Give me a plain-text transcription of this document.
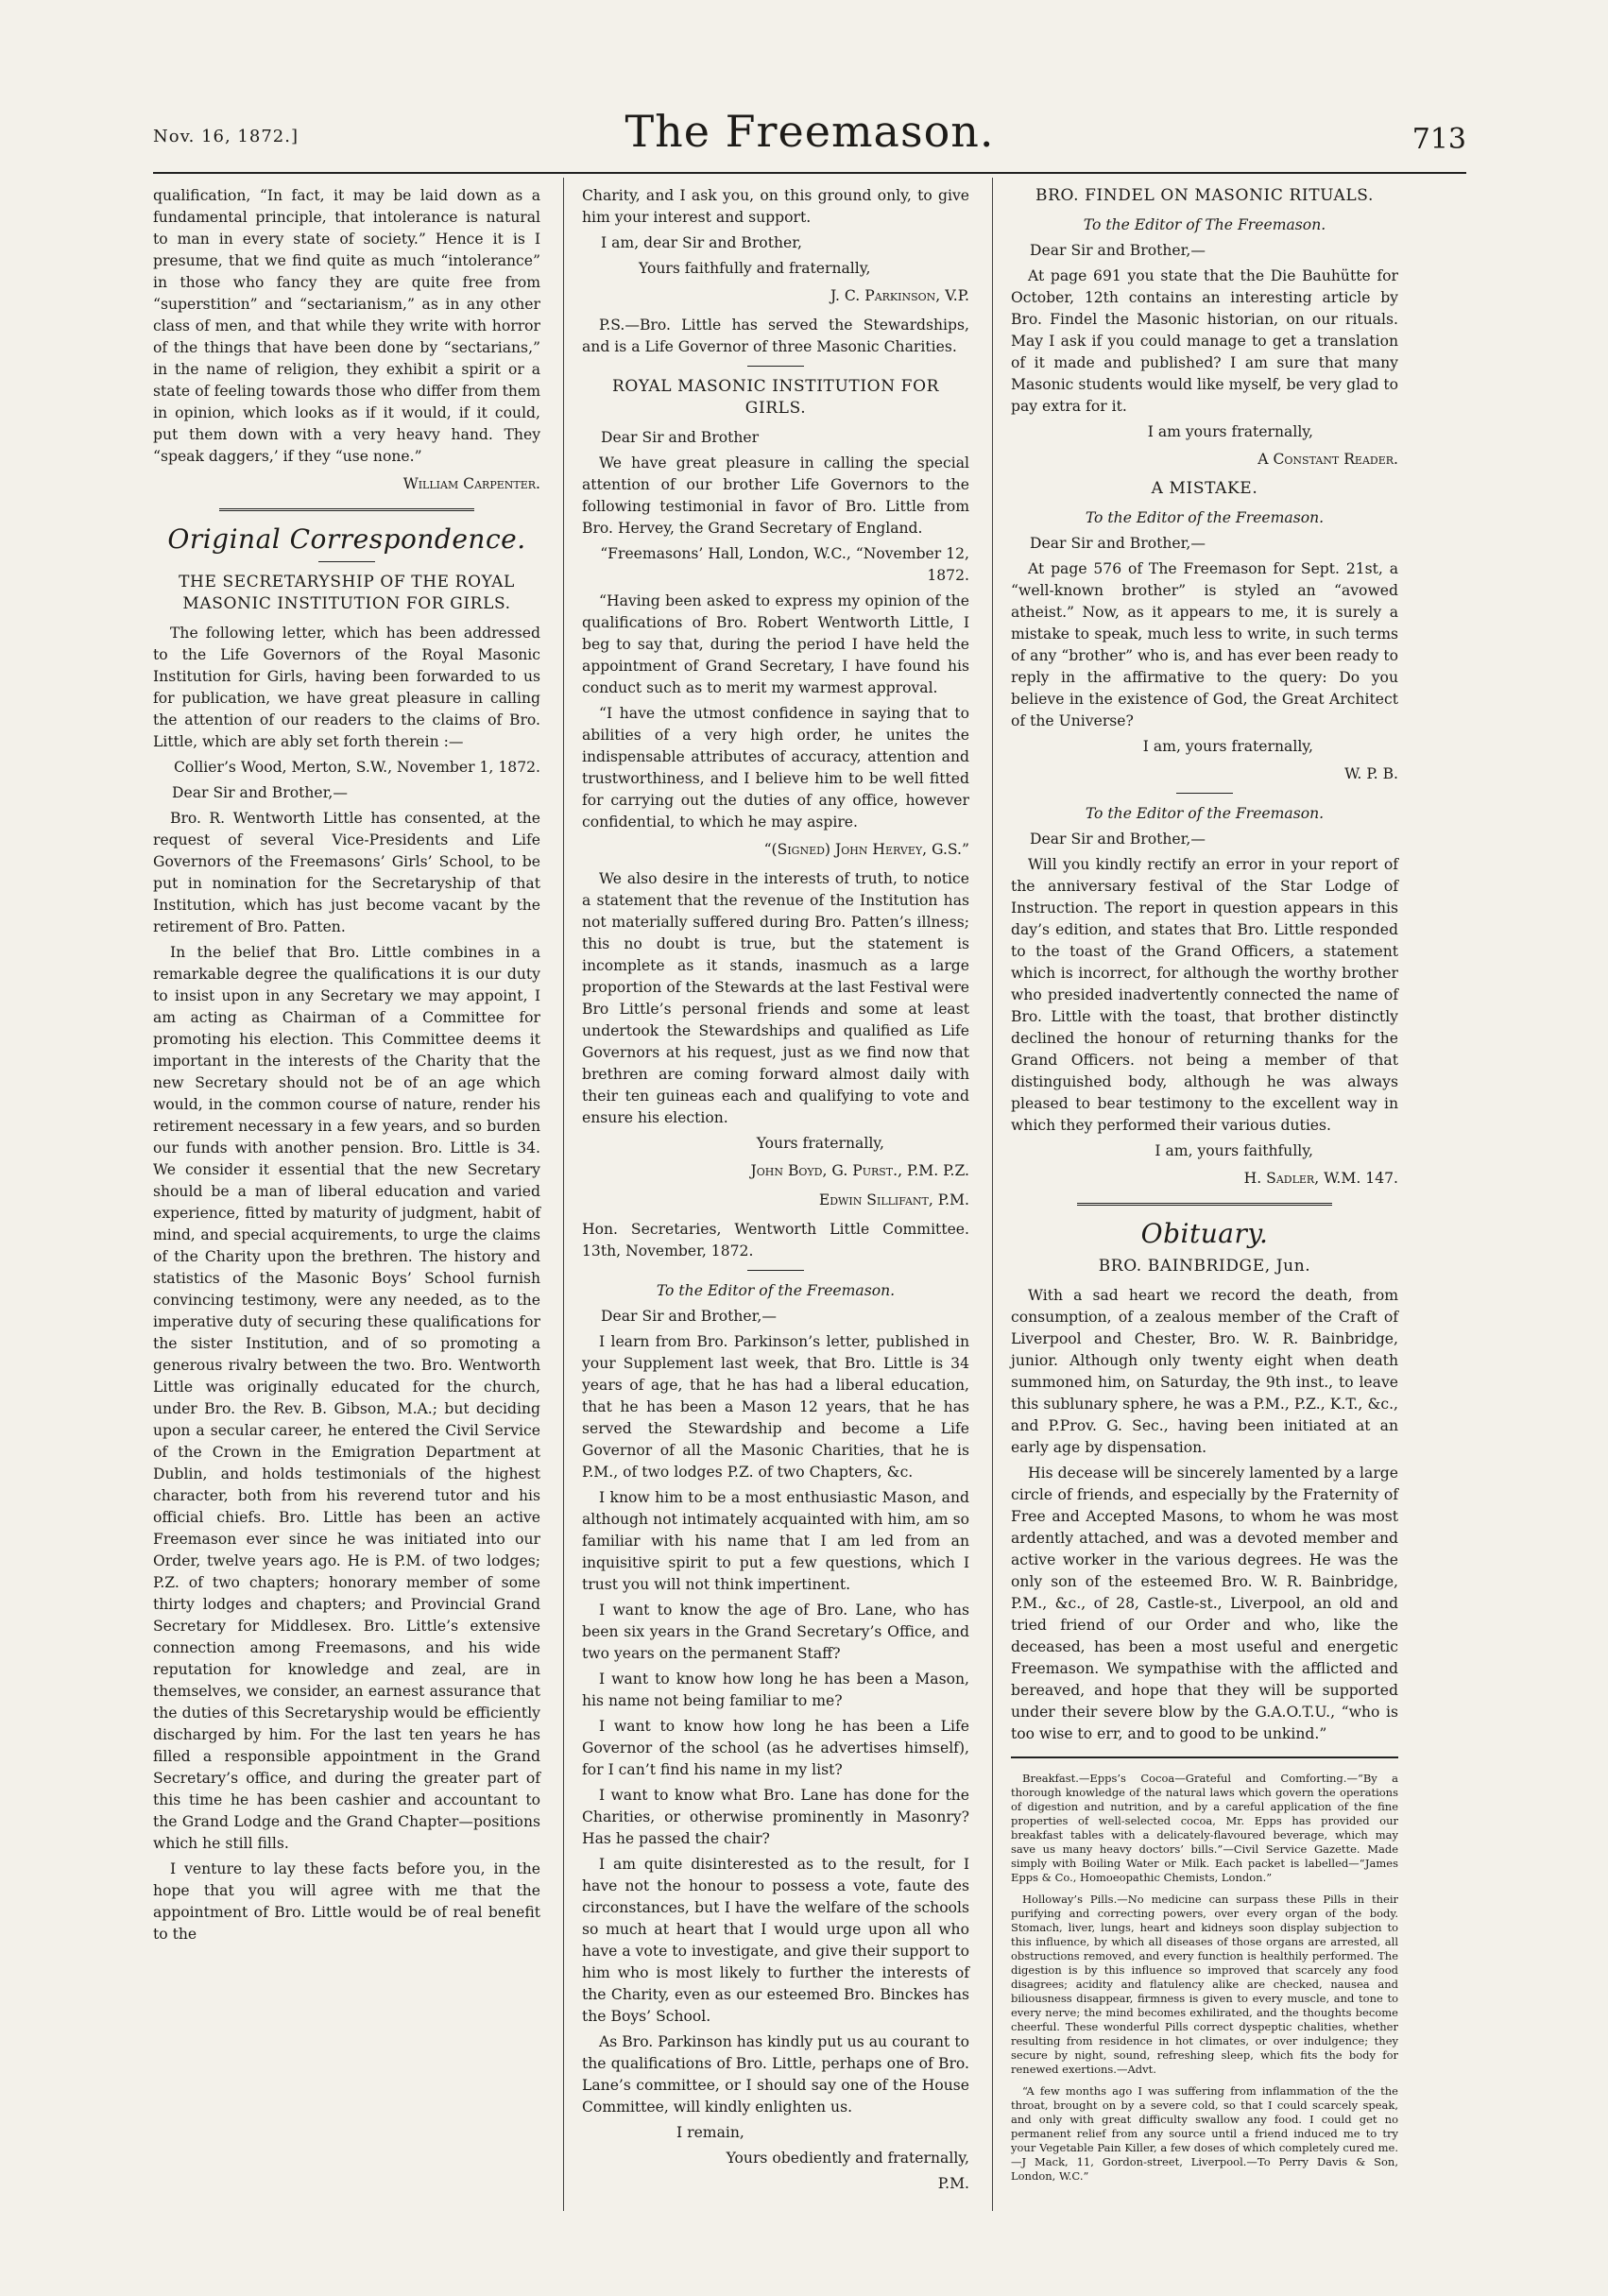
Nov. 16, 1872.]	The Freemason.	713

qualification, “In fact, it may be laid down as a fundamental principle, that intolerance is natural to man in every state of society.” Hence it is I presume, that we find quite as much “intolerance” in those who fancy they are quite free from “superstition” and “sectarianism,” as in any other class of men, and that while they write with horror of the things that have been done by “sectarians,” in the name of religion, they exhibit a spirit or a state of feeling towards those who differ from them in opinion, which looks as if it would, if it could, put them down with a very heavy hand. They “speak daggers,’ if they “use none.”

William Carpenter.

Original Correspondence.

THE SECRETARYSHIP OF THE ROYAL MASONIC INSTITUTION FOR GIRLS.

The following letter, which has been addressed to the Life Governors of the Royal Masonic Institution for Girls, having been forwarded to us for publication, we have great pleasure in calling the attention of our readers to the claims of Bro. Little, which are ably set forth therein :—

Collier’s Wood, Merton, S.W., November 1, 1872.

Dear Sir and Brother,—

Bro. R. Wentworth Little has consented, at the request of several Vice-Presidents and Life Governors of the Freemasons’ Girls’ School, to be put in nomination for the Secretaryship of that Institution, which has just become vacant by the retirement of Bro. Patten.

In the belief that Bro. Little combines in a remarkable degree the qualifications it is our duty to insist upon in any Secretary we may appoint, I am acting as Chairman of a Committee for promoting his election. This Committee deems it important in the interests of the Charity that the new Secretary should not be of an age which would, in the common course of nature, render his retirement necessary in a few years, and so burden our funds with another pension. Bro. Little is 34. We consider it essential that the new Secretary should be a man of liberal education and varied experience, fitted by maturity of judgment, habit of mind, and special acquirements, to urge the claims of the Charity upon the brethren. The history and statistics of the Masonic Boys’ School furnish convincing testimony, were any needed, as to the imperative duty of securing these qualifications for the sister Institution, and of so promoting a generous rivalry between the two. Bro. Wentworth Little was originally educated for the church, under Bro. the Rev. B. Gibson, M.A.; but deciding upon a secular career, he entered the Civil Service of the Crown in the Emigration Department at Dublin, and holds testimonials of the highest character, both from his reverend tutor and his official chiefs. Bro. Little has been an active Freemason ever since he was initiated into our Order, twelve years ago. He is P.M. of two lodges; P.Z. of two chapters; honorary member of some thirty lodges and chapters; and Provincial Grand Secretary for Middlesex. Bro. Little’s extensive connection among Freemasons, and his wide reputation for knowledge and zeal, are in themselves, we consider, an earnest assurance that the duties of this Secretaryship would be efficiently discharged by him. For the last ten years he has filled a responsible appointment in the Grand Secretary’s office, and during the greater part of this time he has been cashier and accountant to the Grand Lodge and the Grand Chapter—positions which he still fills.

I venture to lay these facts before you, in the hope that you will agree with me that the appointment of Bro. Little would be of real benefit to the

Charity, and I ask you, on this ground only, to give him your interest and support.

I am, dear Sir and Brother,

Yours faithfully and fraternally,

J. C. Parkinson, V.P.

P.S.—Bro. Little has served the Stewardships, and is a Life Governor of three Masonic Charities.

ROYAL MASONIC INSTITUTION FOR GIRLS.

Dear Sir and Brother

We have great pleasure in calling the special attention of our brother Life Governors to the following testimonial in favor of Bro. Little from Bro. Hervey, the Grand Secretary of England.

“Freemasons’ Hall, London, W.C., “November 12, 1872.

“Having been asked to express my opinion of the qualifications of Bro. Robert Wentworth Little, I beg to say that, during the period I have held the appointment of Grand Secretary, I have found his conduct such as to merit my warmest approval.

“I have the utmost confidence in saying that to abilities of a very high order, he unites the indispensable attributes of accuracy, attention and trustworthiness, and I believe him to be well fitted for carrying out the duties of any office, however confidential, to which he may aspire.

“(Signed) John Hervey, G.S.”

We also desire in the interests of truth, to notice a statement that the revenue of the Institution has not materially suffered during Bro. Patten’s illness; this no doubt is true, but the statement is incomplete as it stands, inasmuch as a large proportion of the Stewards at the last Festival were Bro Little’s personal friends and some at least undertook the Stewardships and qualified as Life Governors at his request, just as we find now that brethren are coming forward almost daily with their ten guineas each and qualifying to vote and ensure his election.

Yours fraternally,

John Boyd, G. Purst., P.M. P.Z.

Edwin Sillifant, P.M.

Hon. Secretaries, Wentworth Little Committee. 13th, November, 1872.

To the Editor of the Freemason.

Dear Sir and Brother,—

I learn from Bro. Parkinson’s letter, published in your Supplement last week, that Bro. Little is 34 years of age, that he has had a liberal education, that he has been a Mason 12 years, that he has served the Stewardship and become a Life Governor of all the Masonic Charities, that he is P.M., of two lodges P.Z. of two Chapters, &c.

I know him to be a most enthusiastic Mason, and although not intimately acquainted with him, am so familiar with his name that I am led from an inquisitive spirit to put a few questions, which I trust you will not think impertinent.

I want to know the age of Bro. Lane, who has been six years in the Grand Secretary’s Office, and two years on the permanent Staff?

I want to know how long he has been a Mason, his name not being familiar to me?

I want to know how long he has been a Life Governor of the school (as he advertises himself), for I can’t find his name in my list?

I want to know what Bro. Lane has done for the Charities, or otherwise prominently in Masonry? Has he passed the chair?

I am quite disinterested as to the result, for I have not the honour to possess a vote, faute des circonstances, but I have the welfare of the schools so much at heart that I would urge upon all who have a vote to investigate, and give their support to him who is most likely to further the interests of the Charity, even as our esteemed Bro. Binckes has the Boys’ School.

As Bro. Parkinson has kindly put us au courant to the qualifications of Bro. Little, perhaps one of Bro. Lane’s committee, or I should say one of the House Committee, will kindly enlighten us.

I remain,

Yours obediently and fraternally,

P.M.

BRO. FINDEL ON MASONIC RITUALS.

To the Editor of The Freemason.

Dear Sir and Brother,—

At page 691 you state that the Die Bauhütte for October, 12th contains an interesting article by Bro. Findel the Masonic historian, on our rituals. May I ask if you could manage to get a translation of it made and published? I am sure that many Masonic students would like myself, be very glad to pay extra for it.

I am yours fraternally,

A Constant Reader.

A MISTAKE.

To the Editor of the Freemason.

Dear Sir and Brother,—

At page 576 of The Freemason for Sept. 21st, a “well-known brother” is styled an “avowed atheist.” Now, as it appears to me, it is surely a mistake to speak, much less to write, in such terms of any “brother” who is, and has ever been ready to reply in the affirmative to the query: Do you believe in the existence of God, the Great Architect of the Universe?

I am, yours fraternally,

W. P. B.

To the Editor of the Freemason.

Dear Sir and Brother,—

Will you kindly rectify an error in your report of the anniversary festival of the Star Lodge of Instruction. The report in question appears in this day’s edition, and states that Bro. Little responded to the toast of the Grand Officers, a statement which is incorrect, for although the worthy brother who presided inadvertently connected the name of Bro. Little with the toast, that brother distinctly declined the honour of returning thanks for the Grand Officers. not being a member of that distinguished body, although he was always pleased to bear testimony to the excellent way in which they performed their various duties.

I am, yours faithfully,

H. Sadler, W.M. 147.

Obituary.

BRO. BAINBRIDGE, Jun.

With a sad heart we record the death, from consumption, of a zealous member of the Craft of Liverpool and Chester, Bro. W. R. Bainbridge, junior. Although only twenty eight when death summoned him, on Saturday, the 9th inst., to leave this sublunary sphere, he was a P.M., P.Z., K.T., &c., and P.Prov. G. Sec., having been initiated at an early age by dispensation.

His decease will be sincerely lamented by a large circle of friends, and especially by the Fraternity of Free and Accepted Masons, to whom he was most ardently attached, and was a devoted member and active worker in the various degrees. He was the only son of the esteemed Bro. W. R. Bainbridge, P.M., &c., of 28, Castle-st., Liverpool, an old and tried friend of our Order and who, like the deceased, has been a most useful and energetic Freemason. We sympathise with the afflicted and bereaved, and hope that they will be supported under their severe blow by the G.A.O.T.U., “who is too wise to err, and to good to be unkind.”

Breakfast.—Epps’s Cocoa—Grateful and Comforting.—“By a thorough knowledge of the natural laws which govern the operations of digestion and nutrition, and by a careful application of the fine properties of well-selected cocoa, Mr. Epps has provided our breakfast tables with a delicately-flavoured beverage, which may save us many heavy doctors’ bills.”—Civil Service Gazette. Made simply with Boiling Water or Milk. Each packet is labelled—“James Epps & Co., Homoeopathic Chemists, London.”

Holloway’s Pills.—No medicine can surpass these Pills in their purifying and correcting powers, over every organ of the body. Stomach, liver, lungs, heart and kidneys soon display subjection to this influence, by which all diseases of those organs are arrested, all obstructions removed, and every function is healthily performed. The digestion is by this influence so improved that scarcely any food disagrees; acidity and flatulency alike are checked, nausea and biliousness disappear, firmness is given to every muscle, and tone to every nerve; the mind becomes exhilirated, and the thoughts become cheerful. These wonderful Pills correct dyspeptic chalities, whether resulting from residence in hot climates, or over indulgence; they secure by night, sound, refreshing sleep, which fits the body for renewed exertions.—Advt.

“A few months ago I was suffering from inflammation of the the throat, brought on by a severe cold, so that I could scarcely speak, and only with great difficulty swallow any food. I could get no permanent relief from any source until a friend induced me to try your Vegetable Pain Killer, a few doses of which completely cured me.—J Mack, 11, Gordon-street, Liverpool.—To Perry Davis & Son, London, W.C.”
